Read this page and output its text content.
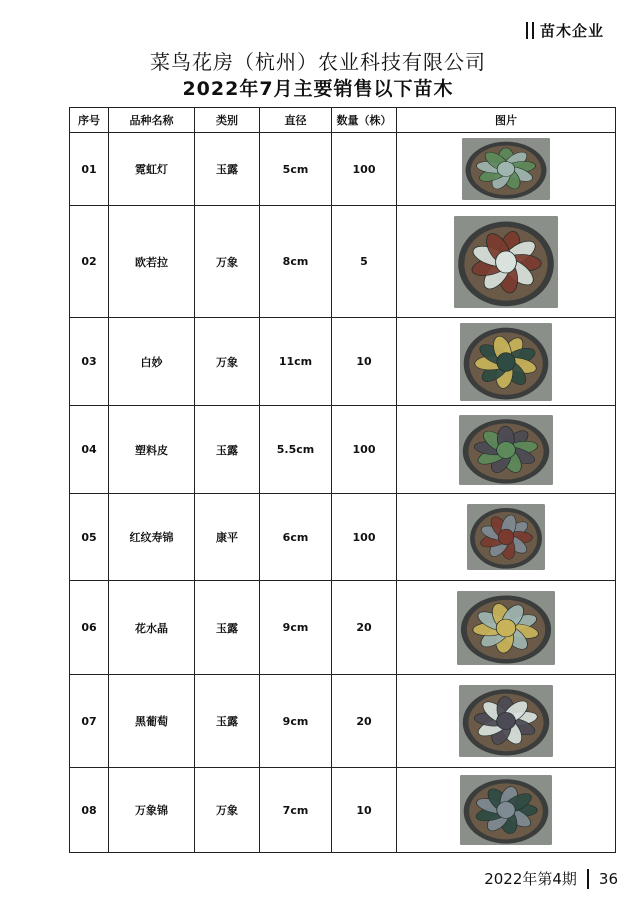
苗木企业
菜鸟花房（杭州）农业科技有限公司
2022年7月主要销售以下苗木
序号	品种名称	类别	直径	数量（株）	图片
01	霓虹灯	玉露	5cm	100	

02	欧若拉	万象	8cm	5	

03	白妙	万象	11cm	10	

04	塑料皮	玉露	5.5cm	100	

05	红纹寿锦	康平	6cm	100	

06	花水晶	玉露	9cm	20	

07	黑葡萄	玉露	9cm	20	

08	万象锦	万象	7cm	10	
2022年第4期 36
